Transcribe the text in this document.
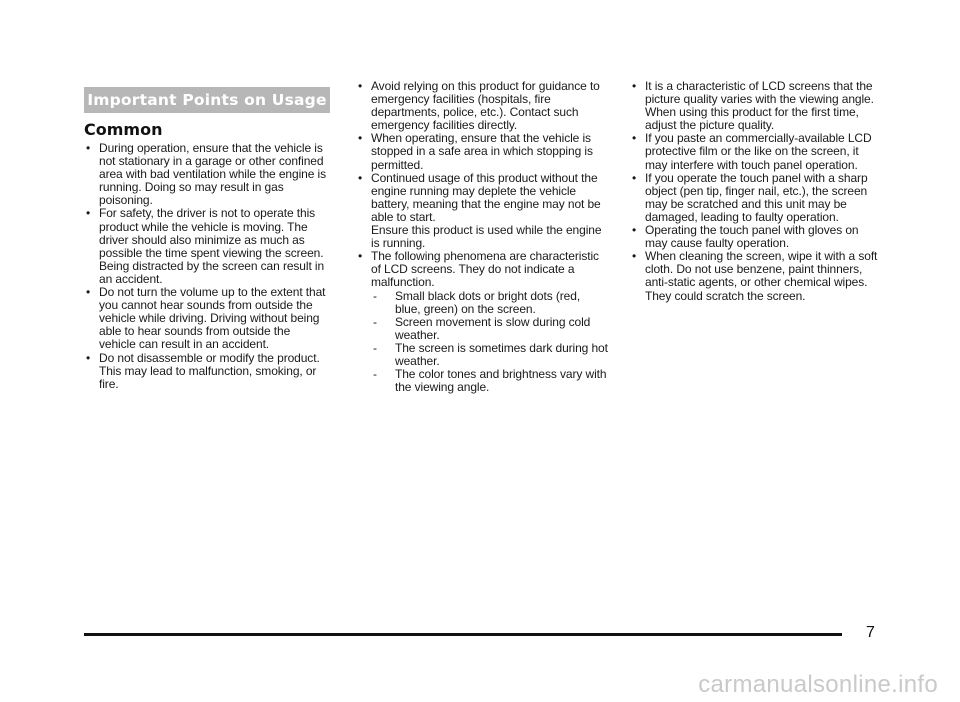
Important Points on Usage
Common
• During operation, ensure that the vehicle is not stationary in a garage or other confined area with bad ventilation while the engine is running. Doing so may result in gas poisoning.
• For safety, the driver is not to operate this product while the vehicle is moving. The driver should also minimize as much as possible the time spent viewing the screen. Being distracted by the screen can result in an accident.
• Do not turn the volume up to the extent that you cannot hear sounds from outside the vehicle while driving. Driving without being able to hear sounds from outside the vehicle can result in an accident.
• Do not disassemble or modify the product. This may lead to malfunction, smoking, or fire.
• Avoid relying on this product for guidance to emergency facilities (hospitals, fire departments, police, etc.). Contact such emergency facilities directly.
• When operating, ensure that the vehicle is stopped in a safe area in which stopping is permitted.
• Continued usage of this product without the engine running may deplete the vehicle battery, meaning that the engine may not be able to start.
Ensure this product is used while the engine is running.
• The following phenomena are characteristic of LCD screens. They do not indicate a malfunction.
- Small black dots or bright dots (red, blue, green) on the screen.
- Screen movement is slow during cold weather.
- The screen is sometimes dark during hot weather.
- The color tones and brightness vary with the viewing angle.
• It is a characteristic of LCD screens that the picture quality varies with the viewing angle. When using this product for the first time, adjust the picture quality.
• If you paste an commercially-available LCD protective film or the like on the screen, it may interfere with touch panel operation.
• If you operate the touch panel with a sharp object (pen tip, finger nail, etc.), the screen may be scratched and this unit may be damaged, leading to faulty operation.
• Operating the touch panel with gloves on may cause faulty operation.
• When cleaning the screen, wipe it with a soft cloth. Do not use benzene, paint thinners, anti-static agents, or other chemical wipes. They could scratch the screen.
7
carmanualsonline.info
